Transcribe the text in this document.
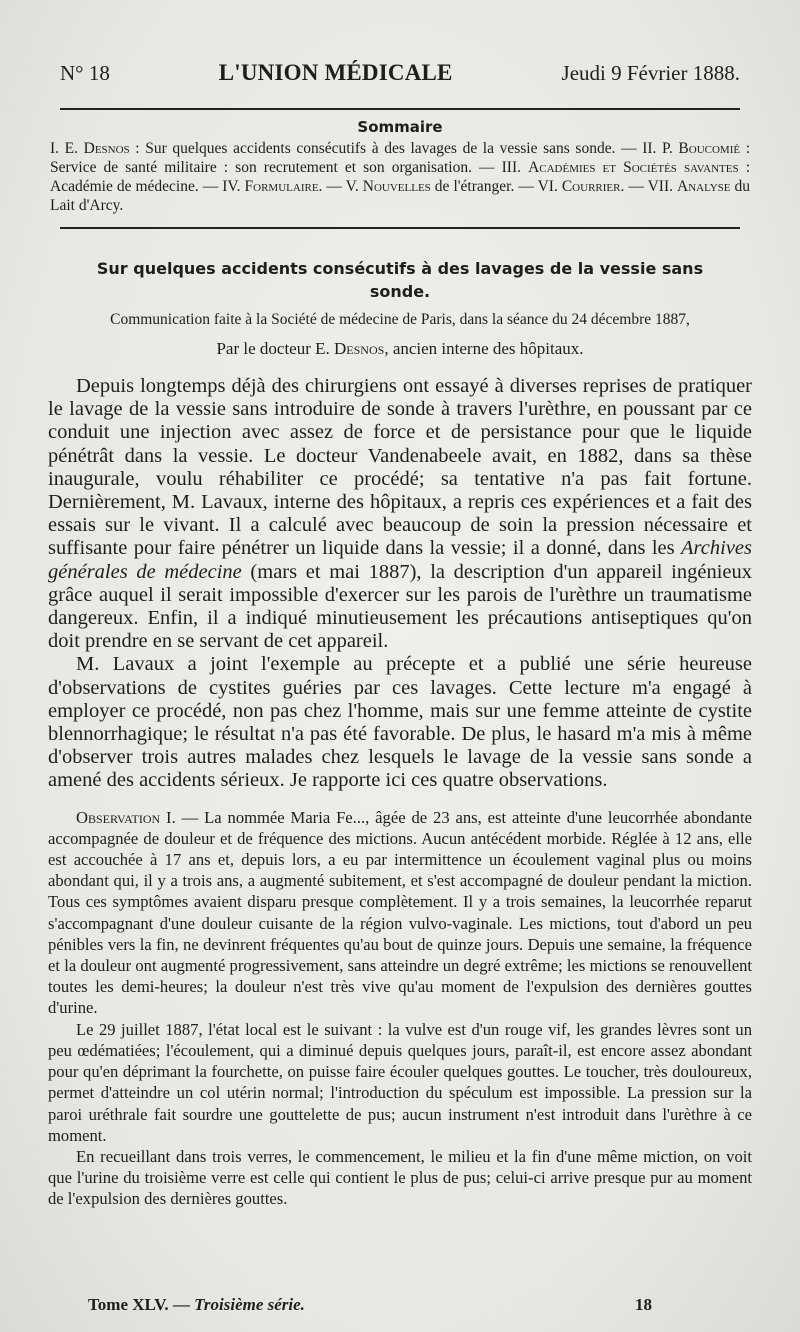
N° 18	L'UNION MÉDICALE	Jeudi 9 Février 1888.
Sommaire
I. E. Desnos : Sur quelques accidents consécutifs à des lavages de la vessie sans sonde. — II. P. Boucomié : Service de santé militaire : son recrutement et son organisation. — III. Académies et Sociétés savantes : Académie de médecine. — IV. Formulaire. — V. Nouvelles de l'étranger. — VI. Courrier. — VII. Analyse du Lait d'Arcy.
Sur quelques accidents consécutifs à des lavages de la vessie sans sonde.
Communication faite à la Société de médecine de Paris, dans la séance du 24 décembre 1887,
Par le docteur E. Desnos, ancien interne des hôpitaux.

Depuis longtemps déjà des chirurgiens ont essayé à diverses reprises de pratiquer le lavage de la vessie sans introduire de sonde à travers l'urèthre, en poussant par ce conduit une injection avec assez de force et de persistance pour que le liquide pénétrât dans la vessie. Le docteur Vandenabeele avait, en 1882, dans sa thèse inaugurale, voulu réhabiliter ce procédé; sa tentative n'a pas fait fortune. Dernièrement, M. Lavaux, interne des hôpitaux, a repris ces expériences et a fait des essais sur le vivant. Il a calculé avec beaucoup de soin la pression nécessaire et suffisante pour faire pénétrer un liquide dans la vessie; il a donné, dans les Archives générales de médecine (mars et mai 1887), la description d'un appareil ingénieux grâce auquel il serait impossible d'exercer sur les parois de l'urèthre un traumatisme dangereux. Enfin, il a indiqué minutieusement les précautions antiseptiques qu'on doit prendre en se servant de cet appareil.

M. Lavaux a joint l'exemple au précepte et a publié une série heureuse d'observations de cystites guéries par ces lavages. Cette lecture m'a engagé à employer ce procédé, non pas chez l'homme, mais sur une femme atteinte de cystite blennorrhagique; le résultat n'a pas été favorable. De plus, le hasard m'a mis à même d'observer trois autres malades chez lesquels le lavage de la vessie sans sonde a amené des accidents sérieux. Je rapporte ici ces quatre observations.

Observation I. — La nommée Maria Fe..., âgée de 23 ans, est atteinte d'une leucorrhée abondante accompagnée de douleur et de fréquence des mictions. Aucun antécédent morbide. Réglée à 12 ans, elle est accouchée à 17 ans et, depuis lors, a eu par intermittence un écoulement vaginal plus ou moins abondant qui, il y a trois ans, a augmenté subitement, et s'est accompagné de douleur pendant la miction. Tous ces symptômes avaient disparu presque complètement. Il y a trois semaines, la leucorrhée reparut s'accompagnant d'une douleur cuisante de la région vulvo-vaginale. Les mictions, tout d'abord un peu pénibles vers la fin, ne devinrent fréquentes qu'au bout de quinze jours. Depuis une semaine, la fréquence et la douleur ont augmenté progressivement, sans atteindre un degré extrême; les mictions se renouvellent toutes les demi-heures; la douleur n'est très vive qu'au moment de l'expulsion des dernières gouttes d'urine.

Le 29 juillet 1887, l'état local est le suivant : la vulve est d'un rouge vif, les grandes lèvres sont un peu œdématiées; l'écoulement, qui a diminué depuis quelques jours, paraît-il, est encore assez abondant pour qu'en déprimant la fourchette, on puisse faire écouler quelques gouttes. Le toucher, très douloureux, permet d'atteindre un col utérin normal; l'introduction du spéculum est impossible. La pression sur la paroi uréthrale fait sourdre une gouttelette de pus; aucun instrument n'est introduit dans l'urèthre à ce moment.

En recueillant dans trois verres, le commencement, le milieu et la fin d'une même miction, on voit que l'urine du troisième verre est celle qui contient le plus de pus; celui-ci arrive presque pur au moment de l'expulsion des dernières gouttes.

Tome XLV. — Troisième série.	18
